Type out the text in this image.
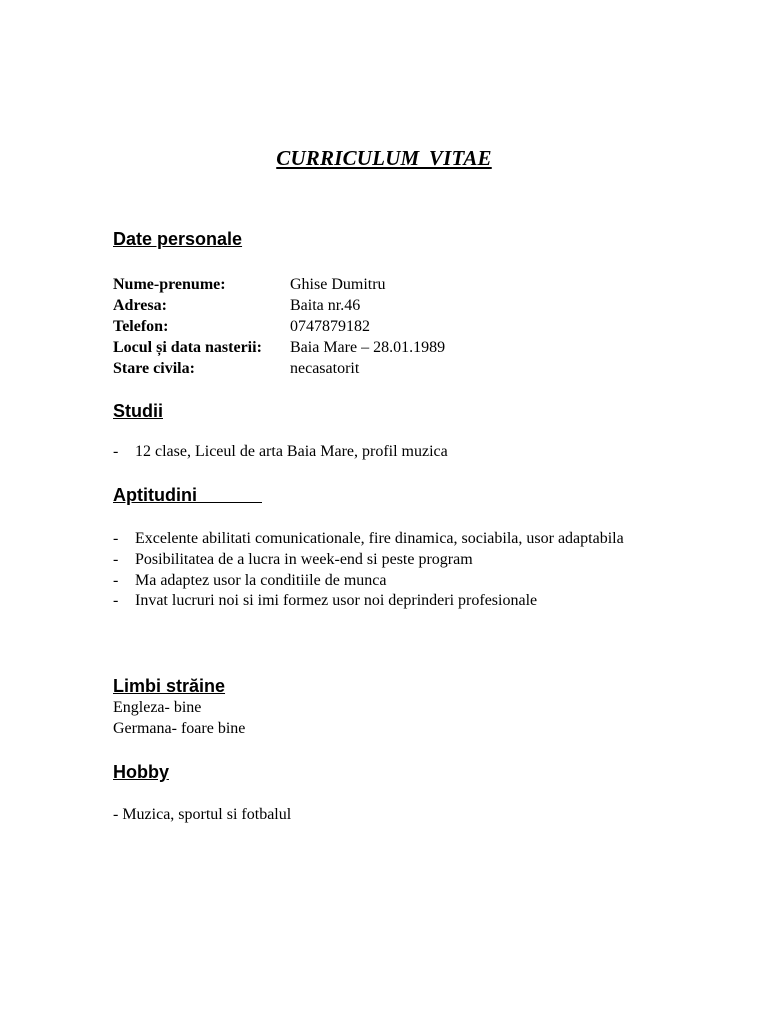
CURRICULUM VITAE
Date personale
Nume-prenume:	Ghise Dumitru
Adresa:	Baita nr.46
Telefon:	0747879182
Locul și data nasterii: Baia Mare – 28.01.1989
Stare civila:	necasatorit
Studii
- 12 clase, Liceul de arta Baia Mare, profil muzica
Aptitudini
- Excelente abilitati comunicationale, fire dinamica, sociabila, usor adaptabila
- Posibilitatea de a lucra in week-end si peste program
- Ma adaptez usor la conditiile de munca
- Invat lucruri noi si imi formez usor noi deprinderi profesionale
Limbi străine
Engleza- bine
Germana- foare bine
Hobby
- Muzica, sportul si fotbalul
